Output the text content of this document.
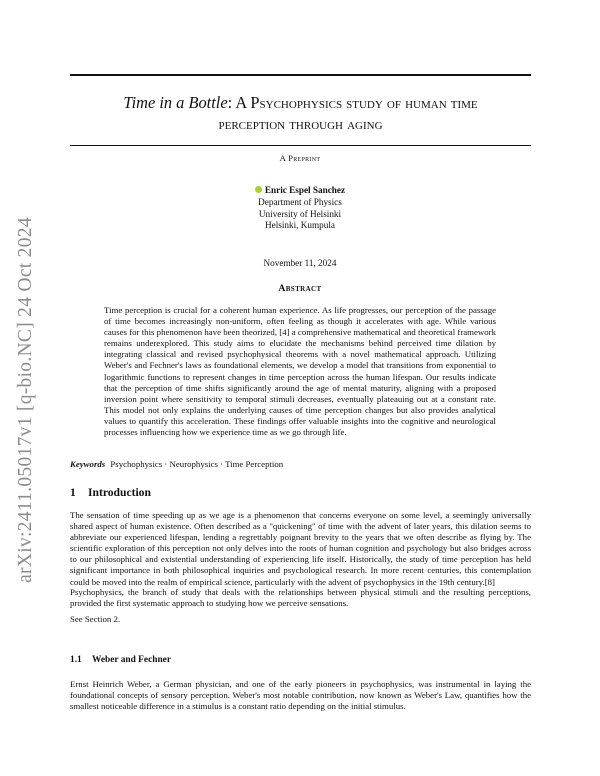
arXiv:2411.05017v1 [q-bio.NC] 24 Oct 2024
Time in a Bottle: A Psychophysics study of human time
perception through aging
A Preprint
Enric Espel Sanchez
Department of Physics
University of Helsinki
Helsinki, Kumpula
November 11, 2024
Abstract

Time perception is crucial for a coherent human experience. As life progresses, our perception of the passage of time becomes increasingly non-uniform, often feeling as though it accelerates with age. While various causes for this phenomenon have been theorized, [4] a comprehensive mathematical and theoretical framework remains underexplored. This study aims to elucidate the mechanisms behind perceived time dilation by integrating classical and revised psychophysical theorems with a novel mathematical approach. Utilizing Weber's and Fechner's laws as foundational elements, we develop a model that transitions from exponential to logarithmic functions to represent changes in time perception across the human lifespan. Our results indicate that the perception of time shifts significantly around the age of mental maturity, aligning with a proposed inversion point where sensitivity to temporal stimuli decreases, eventually plateauing out at a constant rate. This model not only explains the underlying causes of time perception changes but also provides analytical values to quantify this acceleration. These findings offer valuable insights into the cognitive and neurological processes influencing how we experience time as we go through life.

Keywords Psychophysics · Neurophysics · Time Perception
1 Introduction

The sensation of time speeding up as we age is a phenomenon that concerns everyone on some level, a seemingly universally shared aspect of human existence. Often described as a "quickening" of time with the advent of later years, this dilation seems to abbreviate our experienced lifespan, lending a regrettably poignant brevity to the years that we often describe as flying by. The scientific exploration of this perception not only delves into the roots of human cognition and psychology but also bridges across to our philosophical and existential understanding of experiencing life itself. Historically, the study of time perception has held significant importance in both philosophical inquiries and psychological research. In more recent centuries, this contemplation could be moved into the realm of empirical science, particularly with the advent of psychophysics in the 19th century.[8]

Psychophysics, the branch of study that deals with the relationships between physical stimuli and the resulting perceptions, provided the first systematic approach to studying how we perceive sensations.

See Section 2.

1.1 Weber and Fechner

Ernst Heinrich Weber, a German physician, and one of the early pioneers in psychophysics, was instrumental in laying the foundational concepts of sensory perception. Weber's most notable contribution, now known as Weber's Law, quantifies how the smallest noticeable difference in a stimulus is a constant ratio depending on the initial stimulus.
